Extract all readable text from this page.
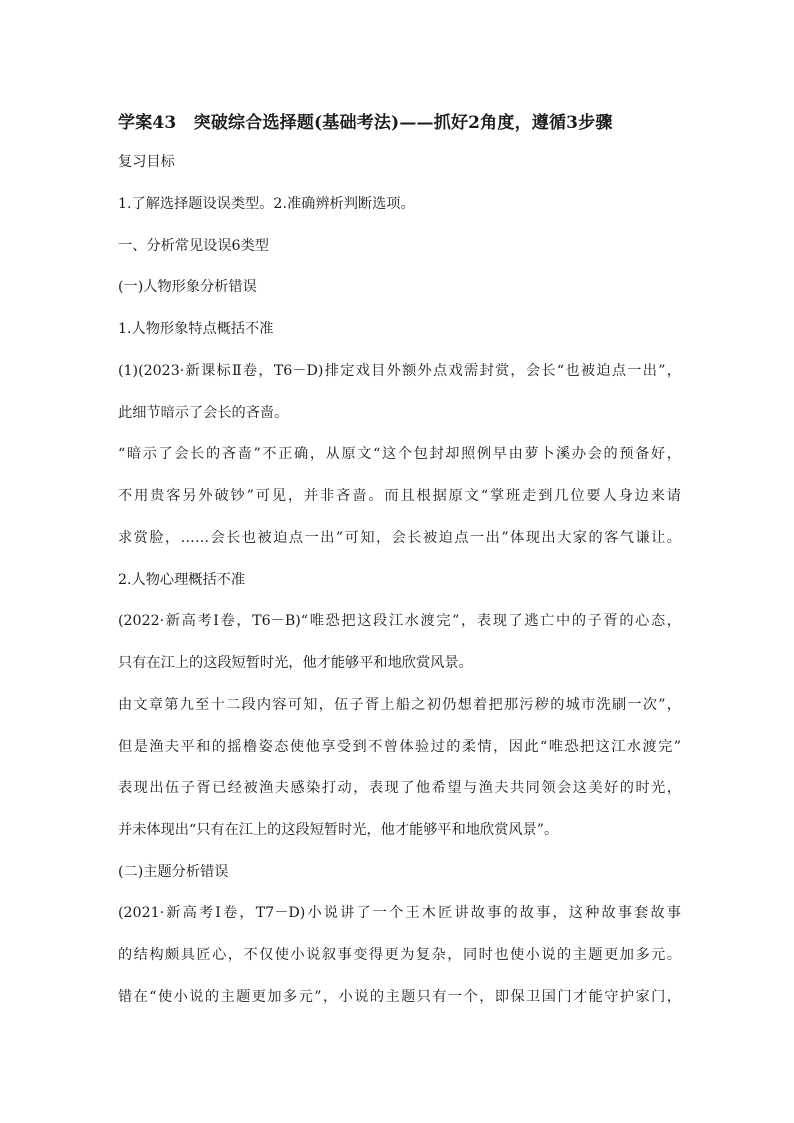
学案43　突破综合选择题(基础考法)——抓好2角度，遵循3步骤
复习目标
1.了解选择题设误类型。2.准确辨析判断选项。
一、分析常见设误6类型
(一)人物形象分析错误
1.人物形象特点概括不准
(1)(2023·新课标Ⅱ卷，T6－D)排定戏目外额外点戏需封赏，会长“也被迫点一出”，
此细节暗示了会长的吝啬。
“暗示了会长的吝啬”不正确，从原文“这个包封却照例早由萝卜溪办会的预备好，
不用贵客另外破钞”可见，并非吝啬。而且根据原文“掌班走到几位要人身边来请
求赏脸，……会长也被迫点一出”可知，会长被迫点一出”体现出大家的客气谦让。
2.人物心理概括不准
(2022·新高考Ⅰ卷，T6－B)“唯恐把这段江水渡完”，表现了逃亡中的子胥的心态，
只有在江上的这段短暂时光，他才能够平和地欣赏风景。
由文章第九至十二段内容可知，伍子胥上船之初仍想着把那污秽的城市洗刷一次”，
但是渔夫平和的摇橹姿态使他享受到不曾体验过的柔情，因此“唯恐把这江水渡完”
表现出伍子胥已经被渔夫感染打动，表现了他希望与渔夫共同领会这美好的时光，
并未体现出“只有在江上的这段短暂时光，他才能够平和地欣赏风景”。
(二)主题分析错误
(2021·新高考Ⅰ卷，T7－D)小说讲了一个王木匠讲故事的故事，这种故事套故事
的结构颇具匠心，不仅使小说叙事变得更为复杂，同时也使小说的主题更加多元。
错在“使小说的主题更加多元”，小说的主题只有一个，即保卫国门才能守护家门，
